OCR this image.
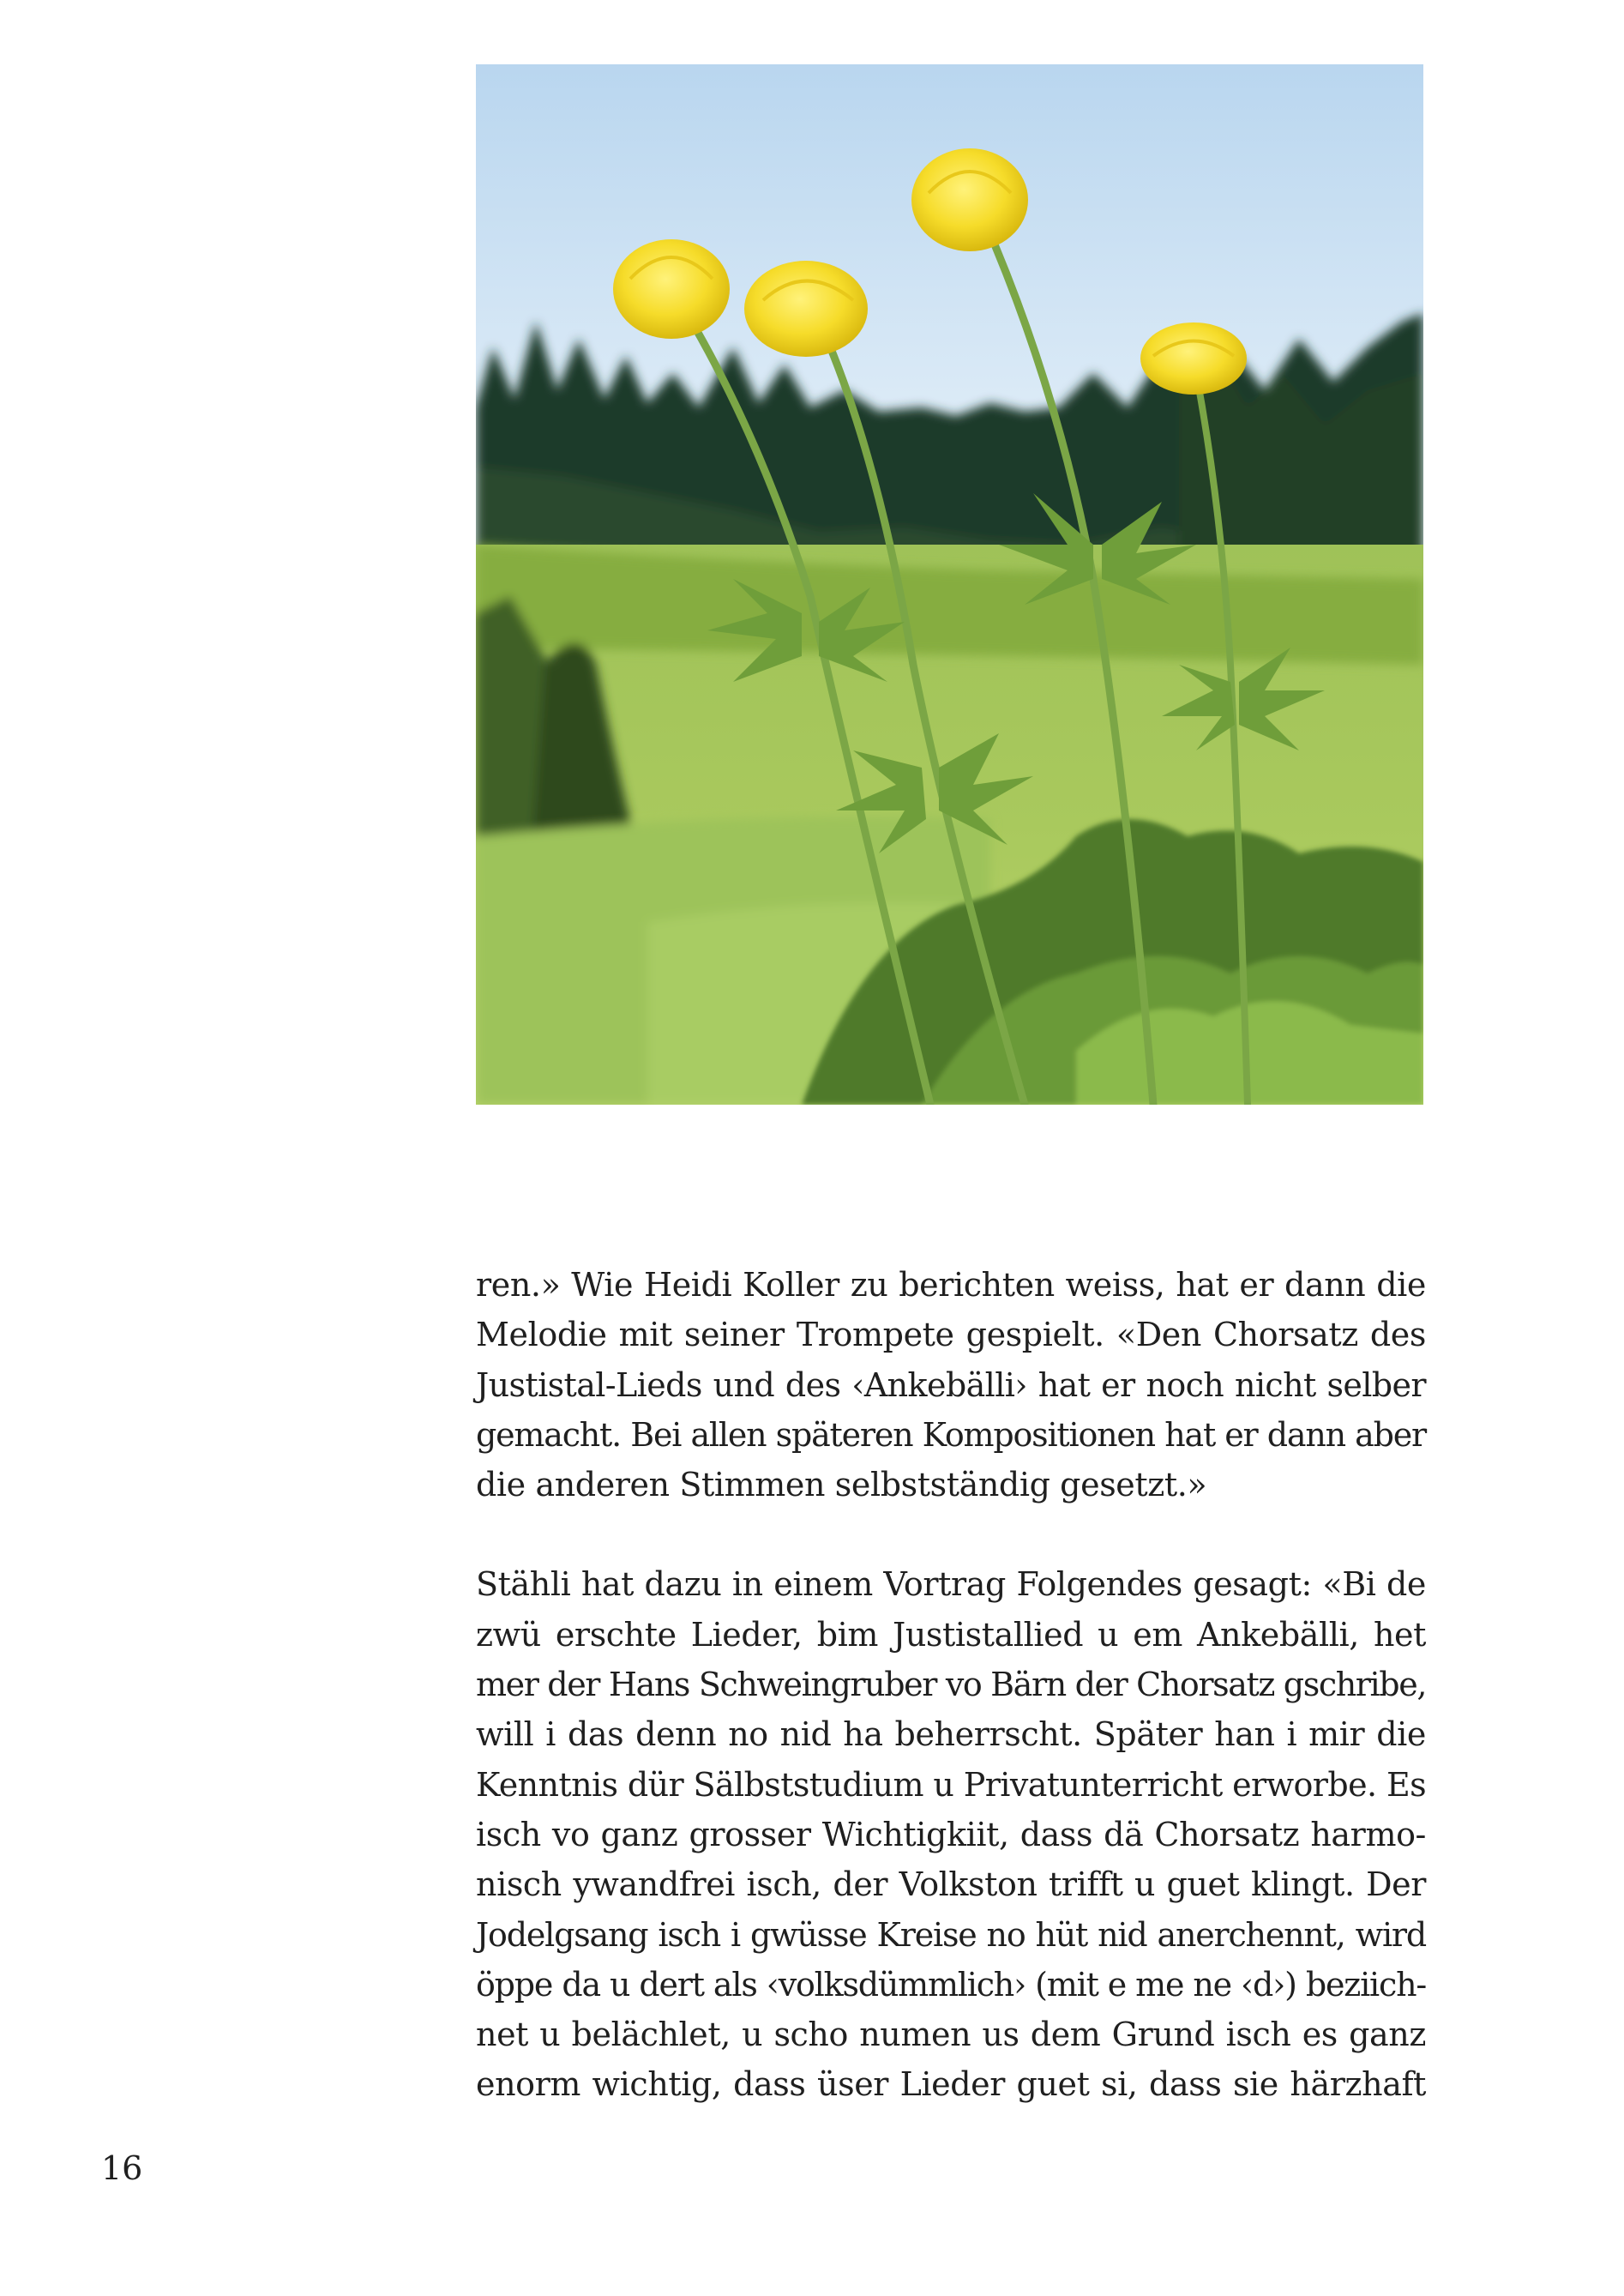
ren.» Wie Heidi Koller zu berichten weiss, hat er dann die
Melodie mit seiner Trompete gespielt. «Den Chorsatz des
Justistal-Lieds und des ‹Ankebälli› hat er noch nicht selber
gemacht. Bei allen späteren Kompositionen hat er dann aber
die anderen Stimmen selbstständig gesetzt.»

Stähli hat dazu in einem Vortrag Folgendes gesagt: «Bi de
zwü erschte Lieder, bim Justistallied u em Ankebälli, het
mer der Hans Schweingruber vo Bärn der Chorsatz gschribe,
will i das denn no nid ha beherrscht. Später han i mir die
Kenntnis dür Sälbststudium u Privatunterricht erworbe. Es
isch vo ganz grosser Wichtigkiit, dass dä Chorsatz harmo-
nisch ywandfrei isch, der Volkston trifft u guet klingt. Der
Jodelgsang isch i gwüsse Kreise no hüt nid anerchennt, wird
öppe da u dert als ‹volksdümmlich› (mit e me ne ‹d›) beziich-
net u belächlet, u scho numen us dem Grund isch es ganz
enorm wichtig, dass üser Lieder guet si, dass sie härzhaft

16
